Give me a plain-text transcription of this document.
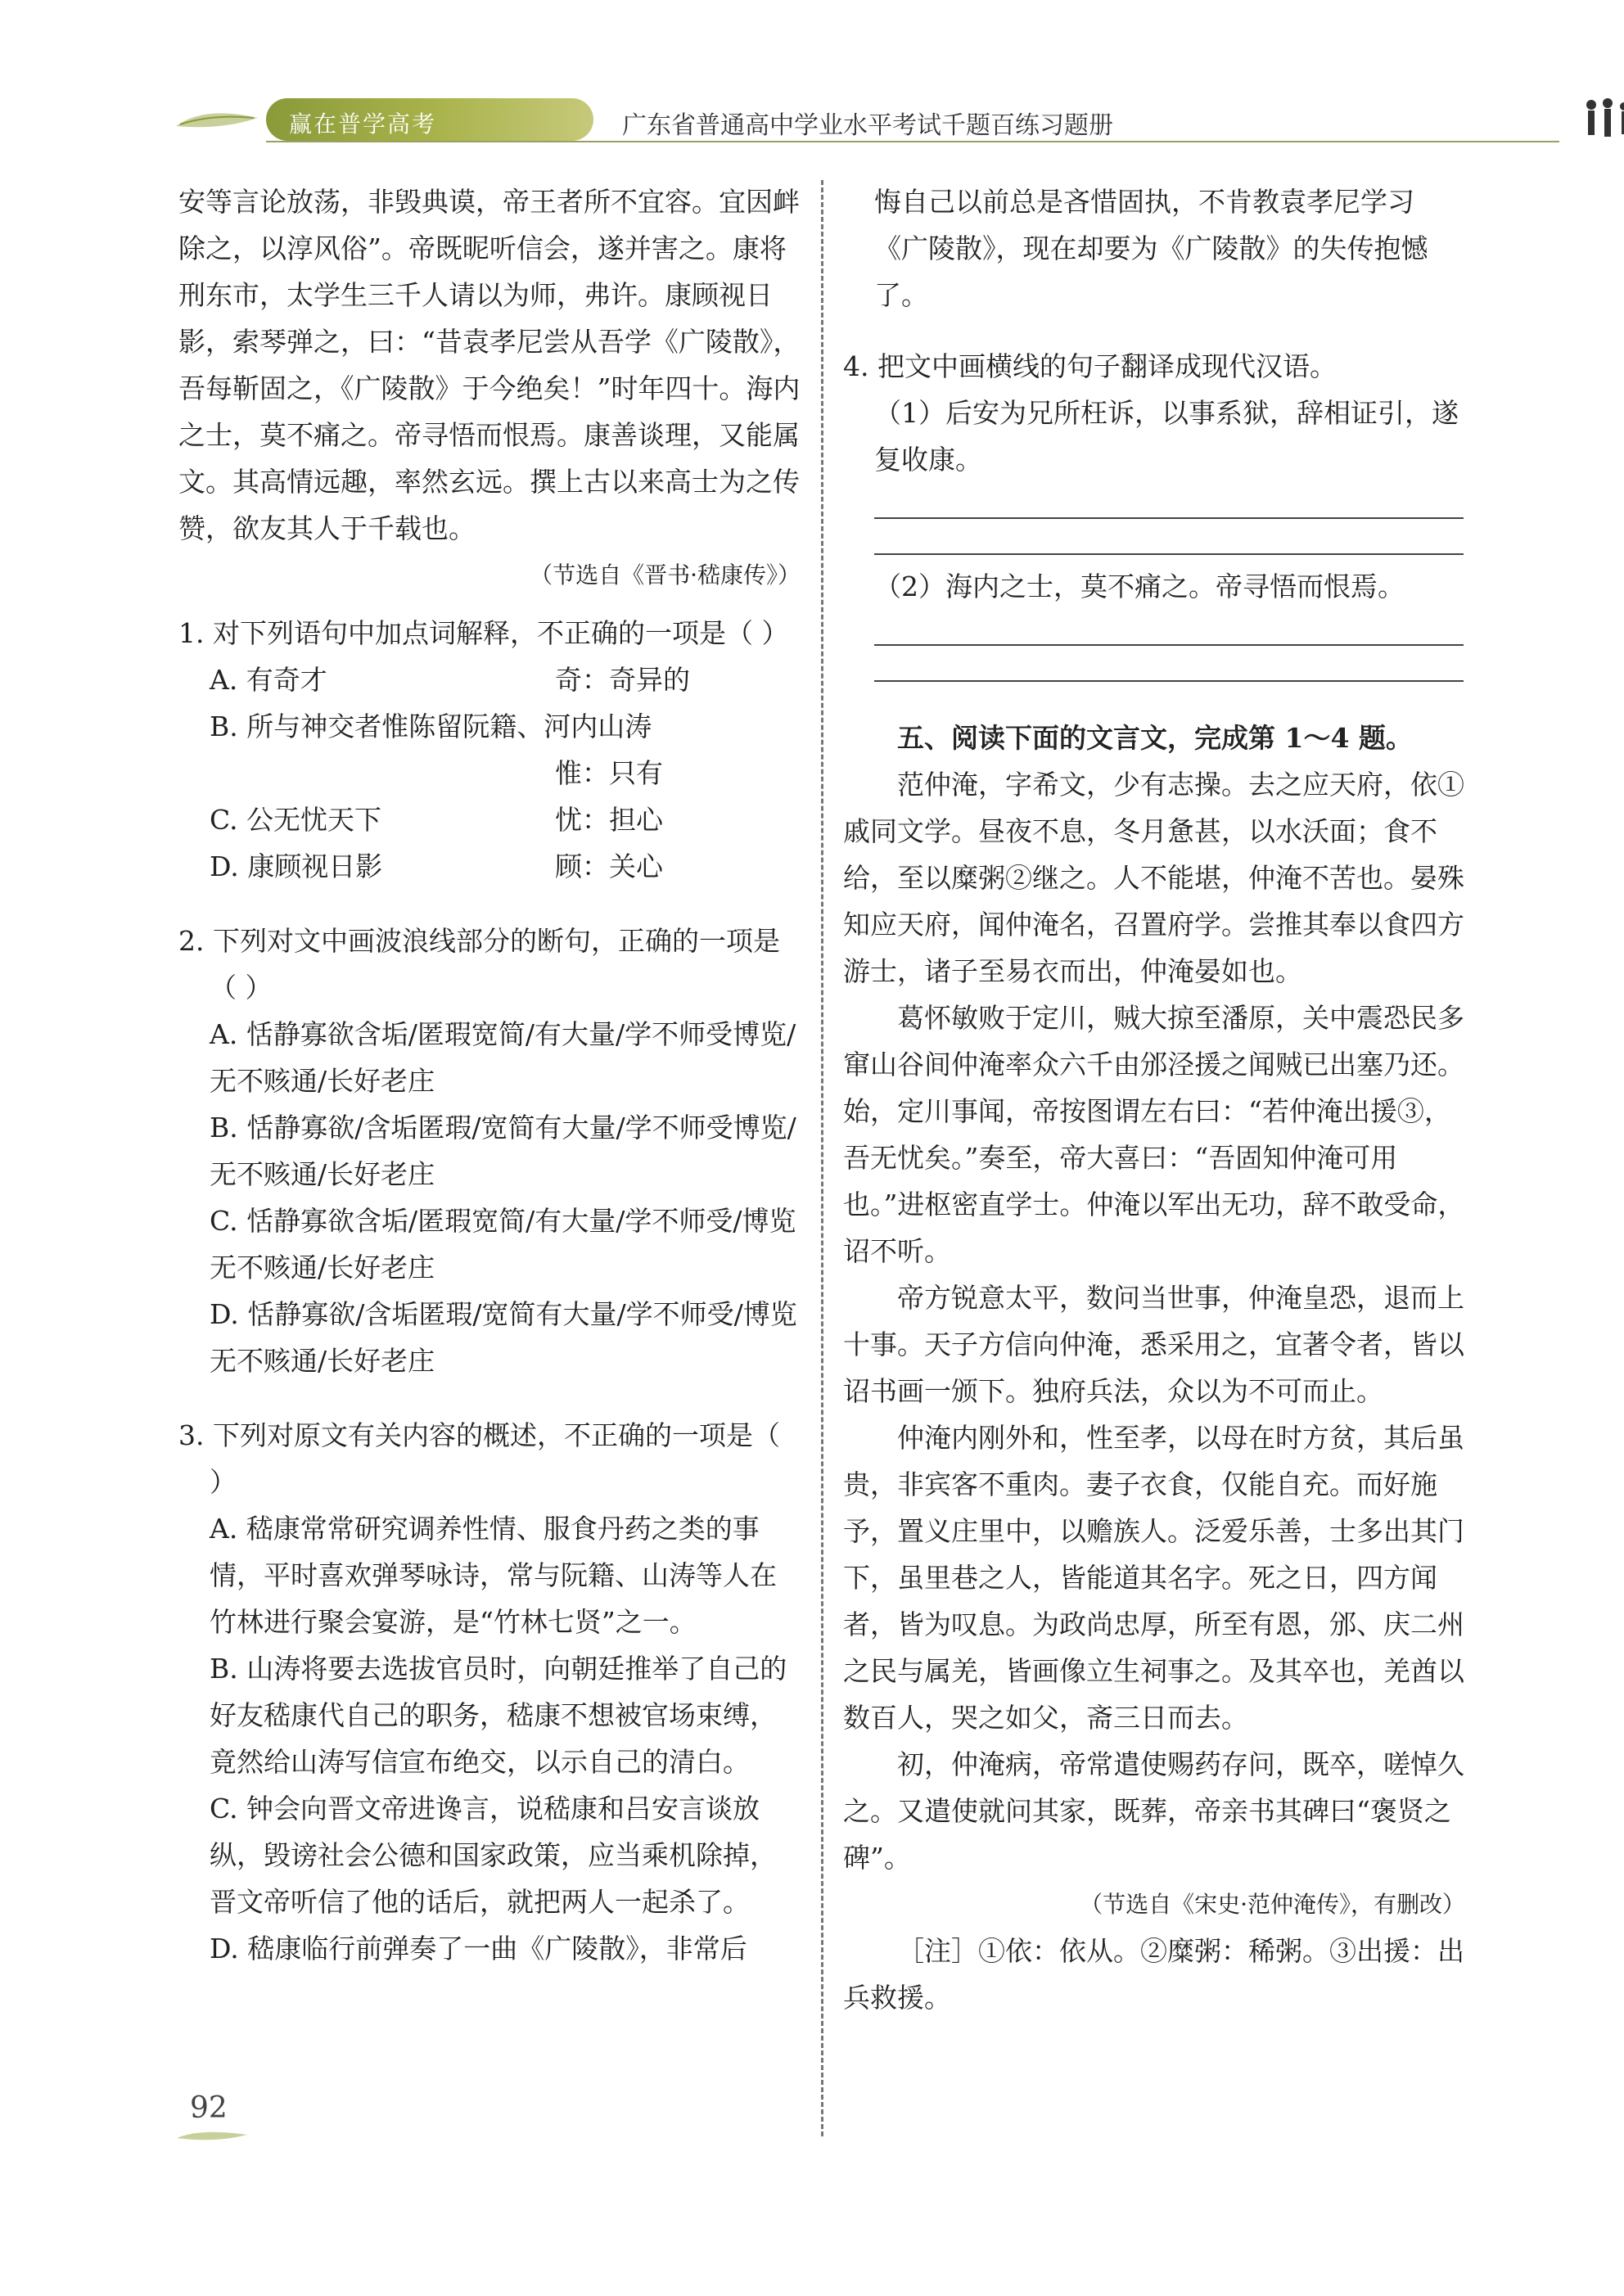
赢在普学高考	广东省普通高中学业水平考试千题百练习题册

安等言论放荡，非毁典谟，帝王者所不宜容。宜因衅除之，以淳风俗”。帝既昵听信会，遂并害之。康将刑东市，太学生三千人请以为师，弗许。康顾视日影，索琴弹之，曰：“昔袁孝尼尝从吾学《广陵散》，吾每靳固之，《广陵散》于今绝矣！”时年四十。海内之士，莫不痛之。帝寻悟而恨焉。康善谈理，又能属文。其高情远趣，率然玄远。撰上古以来高士为之传赞，欲友其人于千载也。

（节选自《晋书·嵇康传》）

1. 对下列语句中加点词解释，不正确的一项是（ ）

A. 有奇才	奇：奇异的

B. 所与神交者惟陈留阮籍、河内山涛

惟：只有

C. 公无忧天下	忧：担心

D. 康顾视日影	顾：关心

2. 下列对文中画波浪线部分的断句，正确的一项是（ ）

A. 恬静寡欲含垢/匿瑕宽简/有大量/学不师受博览/无不赅通/长好老庄

B. 恬静寡欲/含垢匿瑕/宽简有大量/学不师受博览/无不赅通/长好老庄

C. 恬静寡欲含垢/匿瑕宽简/有大量/学不师受/博览无不赅通/长好老庄

D. 恬静寡欲/含垢匿瑕/宽简有大量/学不师受/博览无不赅通/长好老庄

3. 下列对原文有关内容的概述，不正确的一项是（ ）

A. 嵇康常常研究调养性情、服食丹药之类的事情，平时喜欢弹琴咏诗，常与阮籍、山涛等人在竹林进行聚会宴游，是“竹林七贤”之一。

B. 山涛将要去选拔官员时，向朝廷推举了自己的好友嵇康代自己的职务，嵇康不想被官场束缚，竟然给山涛写信宣布绝交，以示自己的清白。

C. 钟会向晋文帝进谗言，说嵇康和吕安言谈放纵，毁谤社会公德和国家政策，应当乘机除掉，晋文帝听信了他的话后，就把两人一起杀了。

D. 嵇康临行前弹奏了一曲《广陵散》，非常后

悔自己以前总是吝惜固执，不肯教袁孝尼学习《广陵散》，现在却要为《广陵散》的失传抱憾了。

4. 把文中画横线的句子翻译成现代汉语。

（1）后安为兄所枉诉，以事系狱，辞相证引，遂复收康。

（2）海内之士，莫不痛之。帝寻悟而恨焉。

五、阅读下面的文言文，完成第 1～4 题。

范仲淹，字希文，少有志操。去之应天府，依①戚同文学。昼夜不息，冬月惫甚，以水沃面；食不给，至以糜粥②继之。人不能堪，仲淹不苦也。晏殊知应天府，闻仲淹名，召置府学。尝推其奉以食四方游士，诸子至易衣而出，仲淹晏如也。

葛怀敏败于定川，贼大掠至潘原，关中震恐民多窜山谷间仲淹率众六千由邠泾援之闻贼已出塞乃还。始，定川事闻，帝按图谓左右曰：“若仲淹出援③，吾无忧矣。”奏至，帝大喜曰：“吾固知仲淹可用也。”进枢密直学士。仲淹以军出无功，辞不敢受命，诏不听。

帝方锐意太平，数问当世事，仲淹皇恐，退而上十事。天子方信向仲淹，悉采用之，宜著令者，皆以诏书画一颁下。独府兵法，众以为不可而止。

仲淹内刚外和，性至孝，以母在时方贫，其后虽贵，非宾客不重肉。妻子衣食，仅能自充。而好施予，置义庄里中，以赡族人。泛爱乐善，士多出其门下，虽里巷之人，皆能道其名字。死之日，四方闻者，皆为叹息。为政尚忠厚，所至有恩，邠、庆二州之民与属羌，皆画像立生祠事之。及其卒也，羌酋以数百人，哭之如父，斋三日而去。

初，仲淹病，帝常遣使赐药存问，既卒，嗟悼久之。又遣使就问其家，既葬，帝亲书其碑曰“褒贤之碑”。

（节选自《宋史·范仲淹传》，有删改）

［注］①依：依从。②糜粥：稀粥。③出援：出兵救援。

92
